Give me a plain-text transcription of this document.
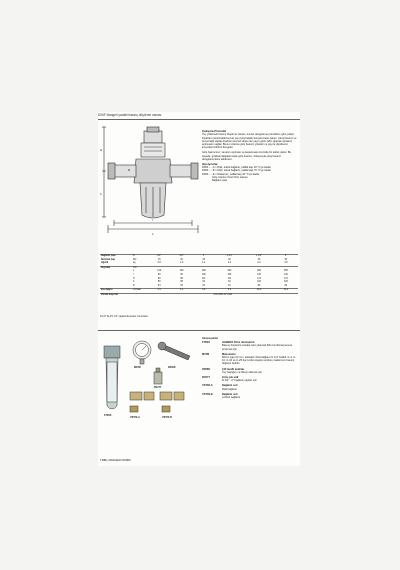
D06F tiiangeli yaralki basınç düşürme vanası
L
l
H
h
R
Çalışma Prensibi

Yay yüklemeli basınç düşürme vanası, kuvvet dengeleme prensibine göre çalışır. Diyafram (üzerindeki kuvvet yay (üzerindeki) kuvvete karşı çalışır. Çıkış basıncı ve buna bağlı olarak diyafram kuvveti düşer ise yayın gücü (altın gelerek vanasını açılmasını sağlar. Bunun üzerine giriş basıncı yükselir ve yay ile diyaframın kuvvetleri birbirini dengeler.

Giriş basıncının, vananın açılması ve kapanması üzerinde bir etkisi yoktur. Bu sayede, girişteki dalgalanmalar giriş basıncı, dolayısıyla çıkış basıncı dengelenmesini etkilemez.

Opsiyonlar
D06F - ...A = Dişli, erkek bağlantı, pafllal kap 40 °C'ye kadar
D06F - ...B = Dişli, erkek bağlantı, pafllal kap 70 °C'ye kadar
D06F - ...E = Rakorsuz, pafllal kap 40 °C'ye kadar
Giriş üzerine Özel Orün erkeen
Bağlantı çapı
Bağlantı Çapı	R	1/2"	3/4"	1"	1 1/4"	1 1/2"	2"
Nominal Çap	DN	15	20	25	32	40	50
Ağırlık	kg	0.8	1.0	1.4	2.2	2.3	4.5
Boyutlar	mm						
	L	140	160	180	200	225	255
	l	80	90	100	105	130	140
	H	89	89	111	111	173	173
	h	58	58	64	64	126	126
	D	54	54	61	61	82	82
kvs değeri	m³/saat	2.4	3.1	5.8	5.9	10.6	12.0
DVGW-Kayıt No		DW-6330 AT 2314					
R 1/2" ila R 1 1/4" çaplarında kesfer zorunludur.
M07M	ZR06K
RV277
F76SS
VST06-A	VST06-B
Aksesuarlar
F76SS	HABEDO Filtre dönüşümü
Basınç düşürücü vanalar tara yıkamalı filtre kombinasyonuna çevirmek için
M07M	Manometre
50mm çapı 63 mm, arkadan nihai bağlantı G 1/4" Arallık: 0–4, 0–10, 0–16 ve 0–25 bar Lütfen sipariş verirken maksimum basınç değerini belirtin
ZR06K	Çift taraflı anahtar
Yay başlığını ve filtreyi sökmek için
RV277	Giriş çek-valf
R 3/4" - 2" bağlantı çapları için
VST06-A	Bağlantı seti
Dişli bağlantı
VST06-B	Bağlantı seti
Lehimli bağlantı
TR8H-1002GE23 R0806
